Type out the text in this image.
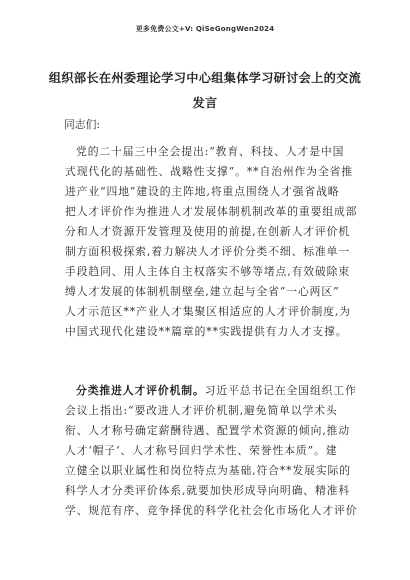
更多免费公文+V: QiSeGongWen2024
组织部长在州委理论学习中心组集体学习研讨会上的交流
发言
同志们:
党的二十届三中全会提出:“教育、科技、人才是中国
式现代化的基础性、战略性支撑”。**自治州作为全省推
进产业“四地”建设的主阵地,将重点围绕人才强省战略
把人才评价作为推进人才发展体制机制改革的重要组成部
分和人才资源开发管理及使用的前提,在创新人才评价机
制方面积极探索,着力解决人才评价分类不细、标准单一
手段趋同、用人主体自主权落实不够等堵点,有效破除束
缚人才发展的体制机制壁垒,建立起与全省“一心两区”
人才示范区**产业人才集聚区相适应的人才评价制度,为
中国式现代化建设**篇章的**实践提供有力人才支撑。
分类推进人才评价机制。习近平总书记在全国组织工作
会议上指出:“要改进人才评价机制,避免简单以学术头
衔、人才称号确定薪酬待遇、配置学术资源的倾向,推动
人才‘帽子’、人才称号回归学术性、荣誉性本质”。建
立健全以职业属性和岗位特点为基础,符合**发展实际的
科学人才分类评价体系,就要加快形成导向明确、精准科
学、规范有序、竞争择优的科学化社会化市场化人才评价
